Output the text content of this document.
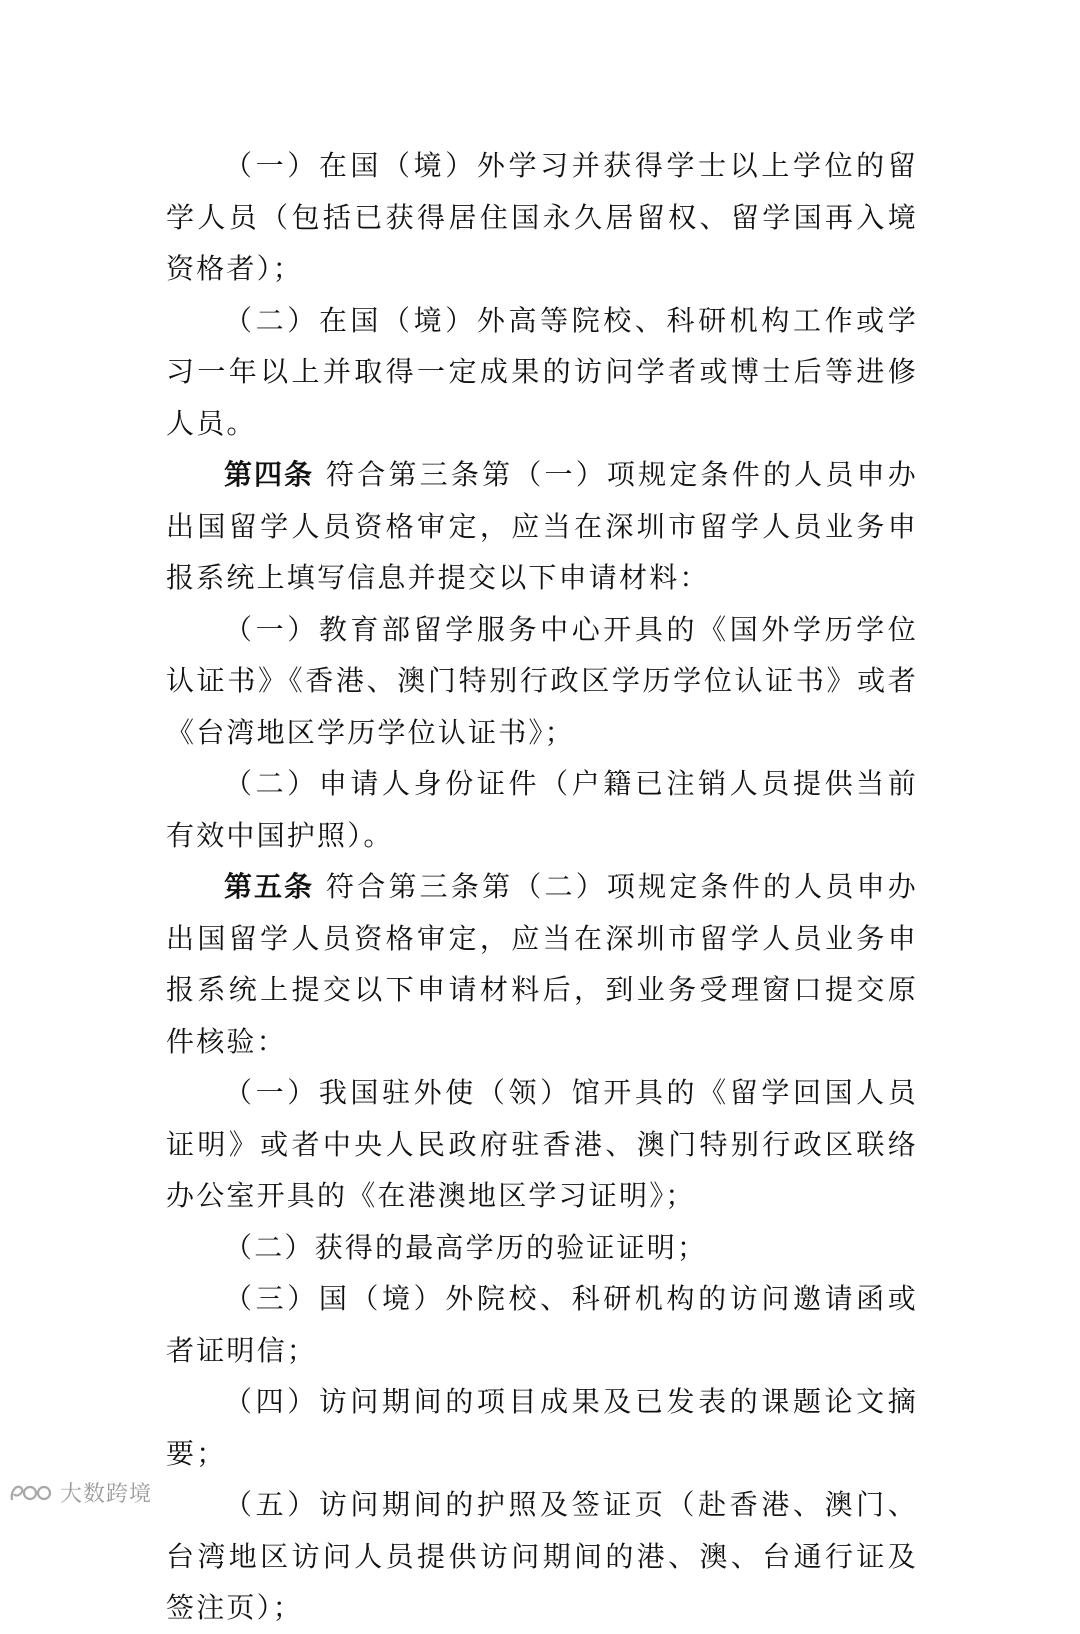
（一）在国（境）外学习并获得学士以上学位的留学人员（包括已获得居住国永久居留权、留学国再入境资格者）；

（二）在国（境）外高等院校、科研机构工作或学习一年以上并取得一定成果的访问学者或博士后等进修人员。

第四条 符合第三条第（一）项规定条件的人员申办出国留学人员资格审定，应当在深圳市留学人员业务申报系统上填写信息并提交以下申请材料：

（一）教育部留学服务中心开具的《国外学历学位认证书》《香港、澳门特别行政区学历学位认证书》或者《台湾地区学历学位认证书》；

（二）申请人身份证件（户籍已注销人员提供当前有效中国护照）。

第五条 符合第三条第（二）项规定条件的人员申办出国留学人员资格审定，应当在深圳市留学人员业务申报系统上提交以下申请材料后，到业务受理窗口提交原件核验：

（一）我国驻外使（领）馆开具的《留学回国人员证明》或者中央人民政府驻香港、澳门特别行政区联络办公室开具的《在港澳地区学习证明》；

（二）获得的最高学历的验证证明；

（三）国（境）外院校、科研机构的访问邀请函或者证明信；

（四）访问期间的项目成果及已发表的课题论文摘要；

（五）访问期间的护照及签证页（赴香港、澳门、台湾地区访问人员提供访问期间的港、澳、台通行证及签注页）；

大数跨境
